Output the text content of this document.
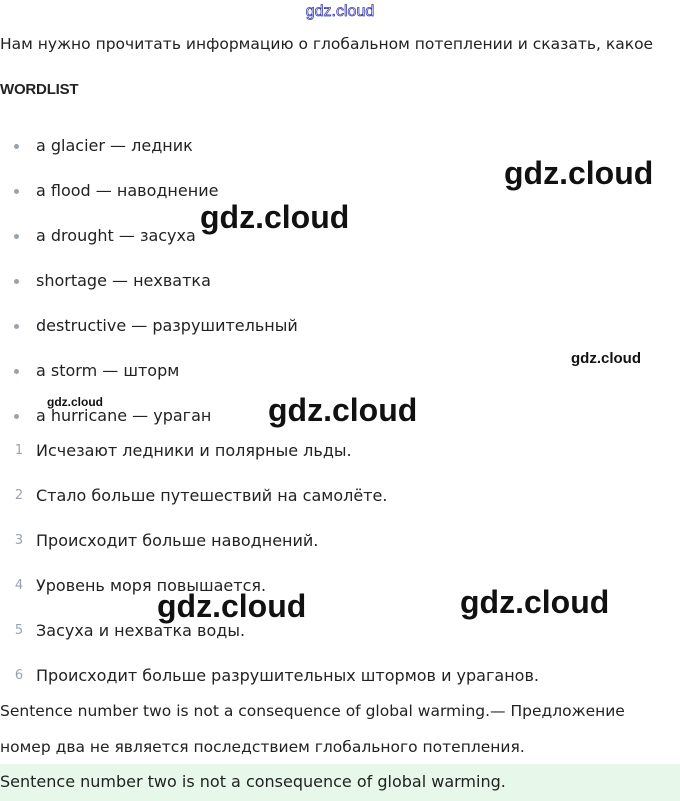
gdz.cloud
Нам нужно прочитать информацию о глобальном потеплении и сказать, какое
WORDLIST
a glacier — ледник
a flood — наводнение
a drought — засуха
shortage — нехватка
destructive — разрушительный
a storm — шторм
a hurricane — ураган
1 Исчезают ледники и полярные льды.
2 Стало больше путешествий на самолёте.
3 Происходит больше наводнений.
4 Уровень моря повышается.
5 Засуха и нехватка воды.
6 Происходит больше разрушительных штормов и ураганов.
Sentence number two is not a consequence of global warming.— Предложение
номер два не является последствием глобального потепления.
Sentence number two is not a consequence of global warming.
gdz.cloud
gdz.cloud
gdz.cloud
gdz.cloud	gdz.cloud
gdz.cloud	gdz.cloud
